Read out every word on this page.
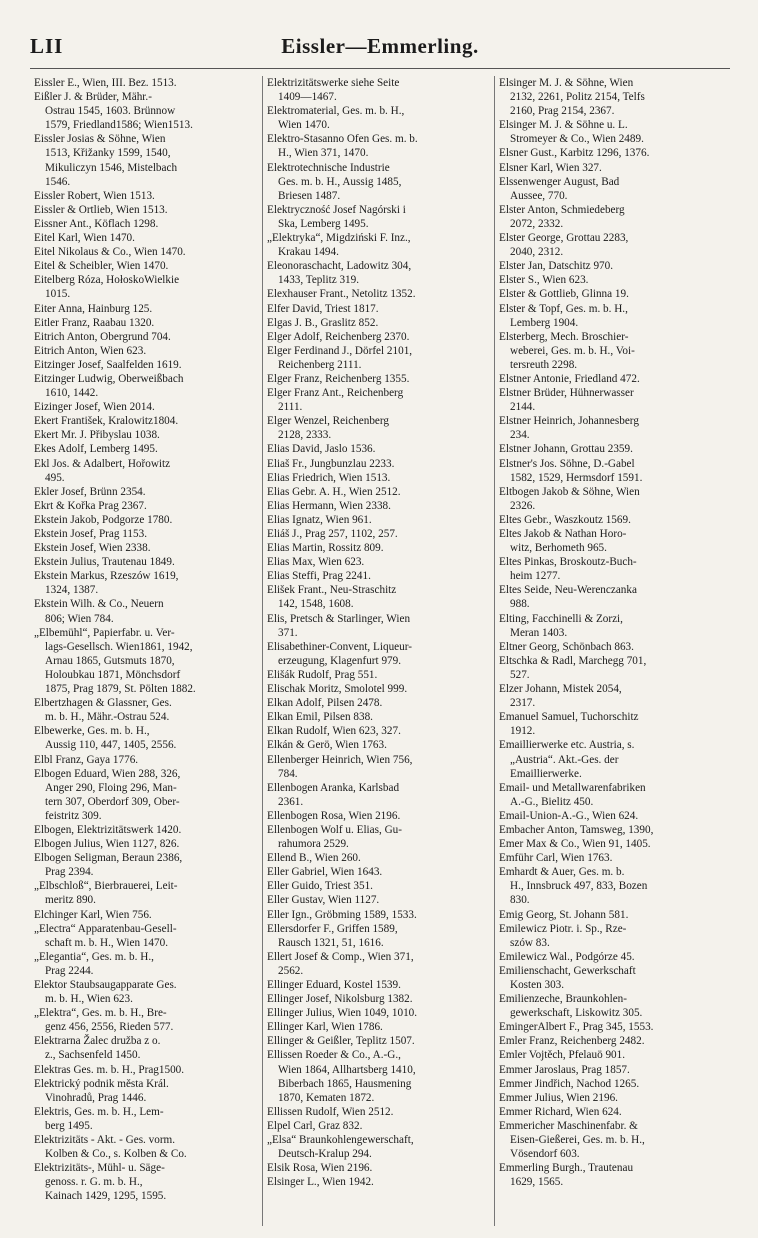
LII	Eissler—Emmerling.
Eissler E., Wien, III. Bez. 1513.
Eißler J. & Brüder, Mähr.-
Ostrau 1545, 1603. Brünnow
1579, Friedland1586; Wien1513.
Eissler Josias & Söhne, Wien
1513, Křižanky 1599, 1540,
Mikuliczyn 1546, Mistelbach
1546.
Eissler Robert, Wien 1513.
Eissler & Ortlieb, Wien 1513.
Eissner Ant., Köflach 1298.
Eitel Karl, Wien 1470.
Eitel Nikolaus & Co., Wien 1470.
Eitel & Scheibler, Wien 1470.
Eitelberg Róza, HołoskoWielkie
1015.
Eiter Anna, Hainburg 125.
Eitler Franz, Raabau 1320.
Eitrich Anton, Obergrund 704.
Eitrich Anton, Wien 623.
Eitzinger Josef, Saalfelden 1619.
Eitzinger Ludwig, Oberweißbach
1610, 1442.
Eizinger Josef, Wien 2014.
Ekert František, Kralowitz1804.
Ekert Mr. J. Přibyslau 1038.
Ekes Adolf, Lemberg 1495.
Ekl Jos. & Adalbert, Hořowitz
495.
Ekler Josef, Brünn 2354.
Ekrt & Kořka Prag 2367.
Ekstein Jakob, Podgorze 1780.
Ekstein Josef, Prag 1153.
Ekstein Josef, Wien 2338.
Ekstein Julius, Trautenau 1849.
Ekstein Markus, Rzeszów 1619,
1324, 1387.
Ekstein Wilh. & Co., Neuern
806; Wien 784.
„Elbemühl“, Papierfabr. u. Ver-
lags-Gesellsch. Wien1861, 1942,
Arnau 1865, Gutsmuts 1870,
Holoubkau 1871, Mönchsdorf
1875, Prag 1879, St. Pölten 1882.
Elbertzhagen & Glassner, Ges.
m. b. H., Mähr.-Ostrau 524.
Elbewerke, Ges. m. b. H.,
Aussig 110, 447, 1405, 2556.
Elbl Franz, Gaya 1776.
Elbogen Eduard, Wien 288, 326,
Anger 290, Floing 296, Man-
tern 307, Oberdorf 309, Ober-
feistritz 309.
Elbogen, Elektrizitätswerk 1420.
Elbogen Julius, Wien 1127, 826.
Elbogen Seligman, Beraun 2386,
Prag 2394.
„Elbschloß“, Bierbrauerei, Leit-
meritz 890.
Elchinger Karl, Wien 756.
„Electra“ Apparatenbau-Gesell-
schaft m. b. H., Wien 1470.
„Elegantia“, Ges. m. b. H.,
Prag 2244.
Elektor Staubsaugapparate Ges.
m. b. H., Wien 623.
„Elektra“, Ges. m. b. H., Bre-
genz 456, 2556, Rieden 577.
Elektrarna Žalec družba z o.
z., Sachsenfeld 1450.
Elektras Ges. m. b. H., Prag1500.
Elektrický podnik města Král.
Vinohradů, Prag 1446.
Elektris, Ges. m. b. H., Lem-
berg 1495.
Elektrizitäts - Akt. - Ges. vorm.
Kolben & Co., s. Kolben & Co.
Elektrizitäts-, Mühl- u. Säge-
genoss. r. G. m. b. H.,
Kainach 1429, 1295, 1595.
Elektrizitätswerke siehe Seite
1409—1467.
Elektromaterial, Ges. m. b. H.,
Wien 1470.
Elektro-Stasanno Ofen Ges. m. b.
H., Wien 371, 1470.
Elektrotechnische Industrie
Ges. m. b. H., Aussig 1485,
Briesen 1487.
Elektryczność Josef Nagórski i
Ska, Lemberg 1495.
„Elektryka“, Migdziński F. Inz.,
Krakau 1494.
Eleonoraschacht, Ladowitz 304,
1433, Teplitz 319.
Elexhauser Frant., Netolitz 1352.
Elfer David, Triest 1817.
Elgas J. B., Graslitz 852.
Elger Adolf, Reichenberg 2370.
Elger Ferdinand J., Dörfel 2101,
Reichenberg 2111.
Elger Franz, Reichenberg 1355.
Elger Franz Ant., Reichenberg
2111.
Elger Wenzel, Reichenberg
2128, 2333.
Elias David, Jaslo 1536.
Eliaš Fr., Jungbunzlau 2233.
Elias Friedrich, Wien 1513.
Elias Gebr. A. H., Wien 2512.
Elias Hermann, Wien 2338.
Elias Ignatz, Wien 961.
Eliáš J., Prag 257, 1102, 257.
Elias Martin, Rossitz 809.
Elias Max, Wien 623.
Elias Steffi, Prag 2241.
Elišek Frant., Neu-Straschitz
142, 1548, 1608.
Elis, Pretsch & Starlinger, Wien
371.
Elisabethiner-Convent, Liqueur-
erzeugung, Klagenfurt 979.
Elišák Rudolf, Prag 551.
Elischak Moritz, Smolotel 999.
Elkan Adolf, Pilsen 2478.
Elkan Emil, Pilsen 838.
Elkan Rudolf, Wien 623, 327.
Elkán & Gerö, Wien 1763.
Ellenberger Heinrich, Wien 756,
784.
Ellenbogen Aranka, Karlsbad
2361.
Ellenbogen Rosa, Wien 2196.
Ellenbogen Wolf u. Elias, Gu-
rahumora 2529.
Ellend B., Wien 260.
Eller Gabriel, Wien 1643.
Eller Guido, Triest 351.
Eller Gustav, Wien 1127.
Eller Ign., Gröbming 1589, 1533.
Ellersdorfer F., Griffen 1589,
Rausch 1321, 51, 1616.
Ellert Josef & Comp., Wien 371,
2562.
Ellinger Eduard, Kostel 1539.
Ellinger Josef, Nikolsburg 1382.
Ellinger Julius, Wien 1049, 1010.
Ellinger Karl, Wien 1786.
Ellinger & Geißler, Teplitz 1507.
Ellissen Roeder & Co., A.-G.,
Wien 1864, Allhartsberg 1410,
Biberbach 1865, Hausmening
1870, Kematen 1872.
Ellissen Rudolf, Wien 2512.
Elpel Carl, Graz 832.
„Elsa“ Braunkohlengewerschaft,
Deutsch-Kralup 294.
Elsik Rosa, Wien 2196.
Elsinger L., Wien 1942.
Elsinger M. J. & Söhne, Wien
2132, 2261, Politz 2154, Telfs
2160, Prag 2154, 2367.
Elsinger M. J. & Söhne u. L.
Stromeyer & Co., Wien 2489.
Elsner Gust., Karbitz 1296, 1376.
Elsner Karl, Wien 327.
Elssenwenger August, Bad
Aussee, 770.
Elster Anton, Schmiedeberg
2072, 2332.
Elster George, Grottau 2283,
2040, 2312.
Elster Jan, Datschitz 970.
Elster S., Wien 623.
Elster & Gottlieb, Glinna 19.
Elster & Topf, Ges. m. b. H.,
Lemberg 1904.
Elsterberg, Mech. Broschier-
weberei, Ges. m. b. H., Voi-
tersreuth 2298.
Elstner Antonie, Friedland 472.
Elstner Brüder, Hühnerwasser
2144.
Elstner Heinrich, Johannesberg
234.
Elstner Johann, Grottau 2359.
Elstner's Jos. Söhne, D.-Gabel
1582, 1529, Hermsdorf 1591.
Eltbogen Jakob & Söhne, Wien
2326.
Eltes Gebr., Waszkoutz 1569.
Eltes Jakob & Nathan Horo-
witz, Berhometh 965.
Eltes Pinkas, Broskoutz-Buch-
heim 1277.
Eltes Seide, Neu-Werenczanka
988.
Elting, Facchinelli & Zorzi,
Meran 1403.
Eltner Georg, Schönbach 863.
Eltschka & Radl, Marchegg 701,
527.
Elzer Johann, Mistek 2054,
2317.
Emanuel Samuel, Tuchorschitz
1912.
Emaillierwerke etc. Austria, s.
„Austria“. Akt.-Ges. der
Emaillierwerke.
Email- und Metallwarenfabriken
A.-G., Bielitz 450.
Email-Union-A.-G., Wien 624.
Embacher Anton, Tamsweg, 1390,
Emer Max & Co., Wien 91, 1405.
Emführ Carl, Wien 1763.
Emhardt & Auer, Ges. m. b.
H., Innsbruck 497, 833, Bozen
830.
Emig Georg, St. Johann 581.
Emilewicz Piotr. i. Sp., Rze-
szów 83.
Emilewicz Wal., Podgórze 45.
Emilienschacht, Gewerkschaft
Kosten 303.
Emilienzeche, Braunkohlen-
gewerkschaft, Liskowitz 305.
EmingerAlbert F., Prag 345, 1553.
Emler Franz, Reichenberg 2482.
Emler Vojtěch, Pfelauö 901.
Emmer Jaroslaus, Prag 1857.
Emmer Jindřich, Nachod 1265.
Emmer Julius, Wien 2196.
Emmer Richard, Wien 624.
Emmericher Maschinenfabr. &
Eisen-Gießerei, Ges. m. b. H.,
Vösendorf 603.
Emmerling Burgh., Trautenau
1629, 1565.
